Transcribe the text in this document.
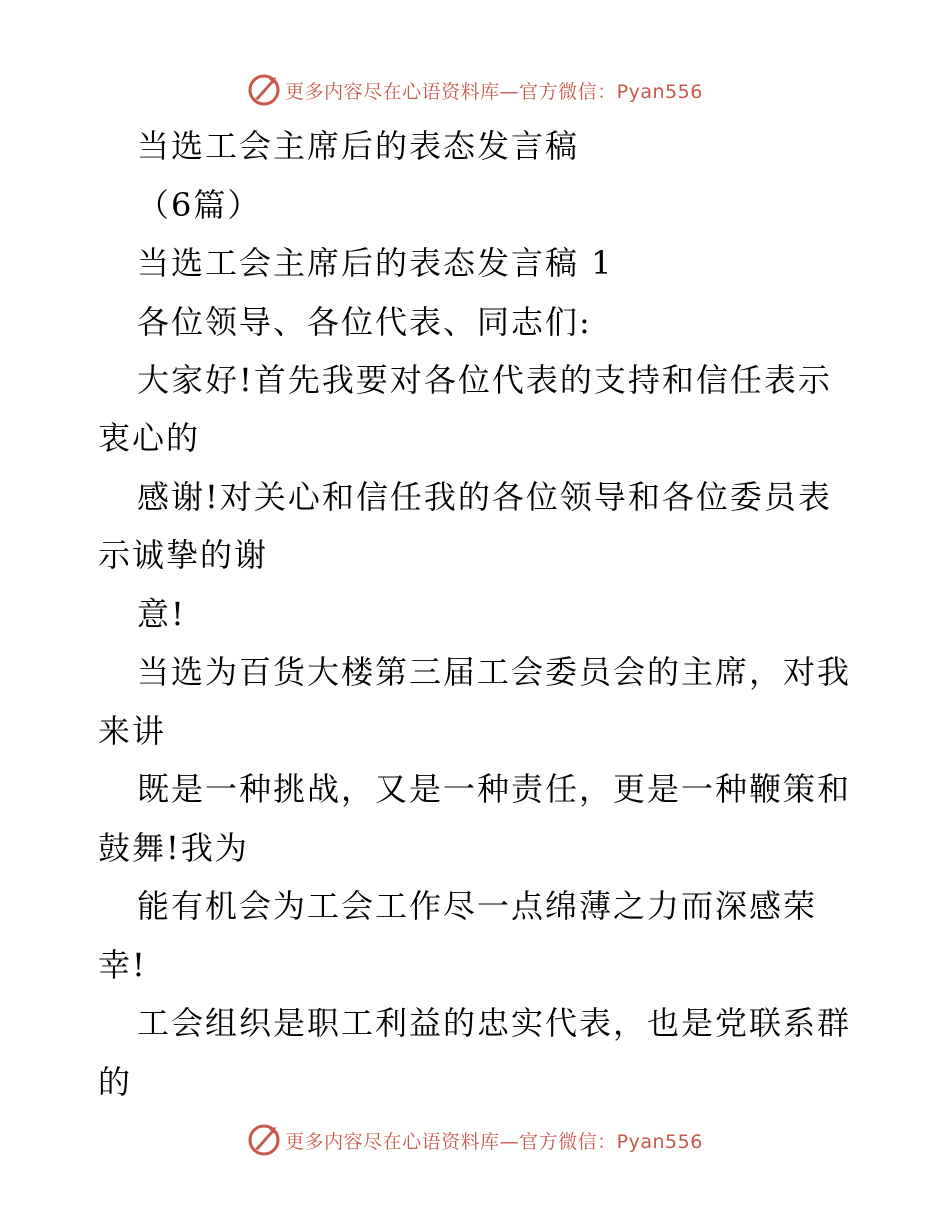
更多内容尽在心语资料库—官方微信：Pyan556
当选工会主席后的表态发言稿
（6篇）
当选工会主席后的表态发言稿 1
各位领导、各位代表、同志们:
大家好!首先我要对各位代表的支持和信任表示
衷心的
感谢!对关心和信任我的各位领导和各位委员表
示诚挚的谢
意!
当选为百货大楼第三届工会委员会的主席，对我
来讲
既是一种挑战，又是一种责任，更是一种鞭策和
鼓舞!我为
能有机会为工会工作尽一点绵薄之力而深感荣
幸!
工会组织是职工利益的忠实代表，也是党联系群
的
更多内容尽在心语资料库—官方微信：Pyan556
